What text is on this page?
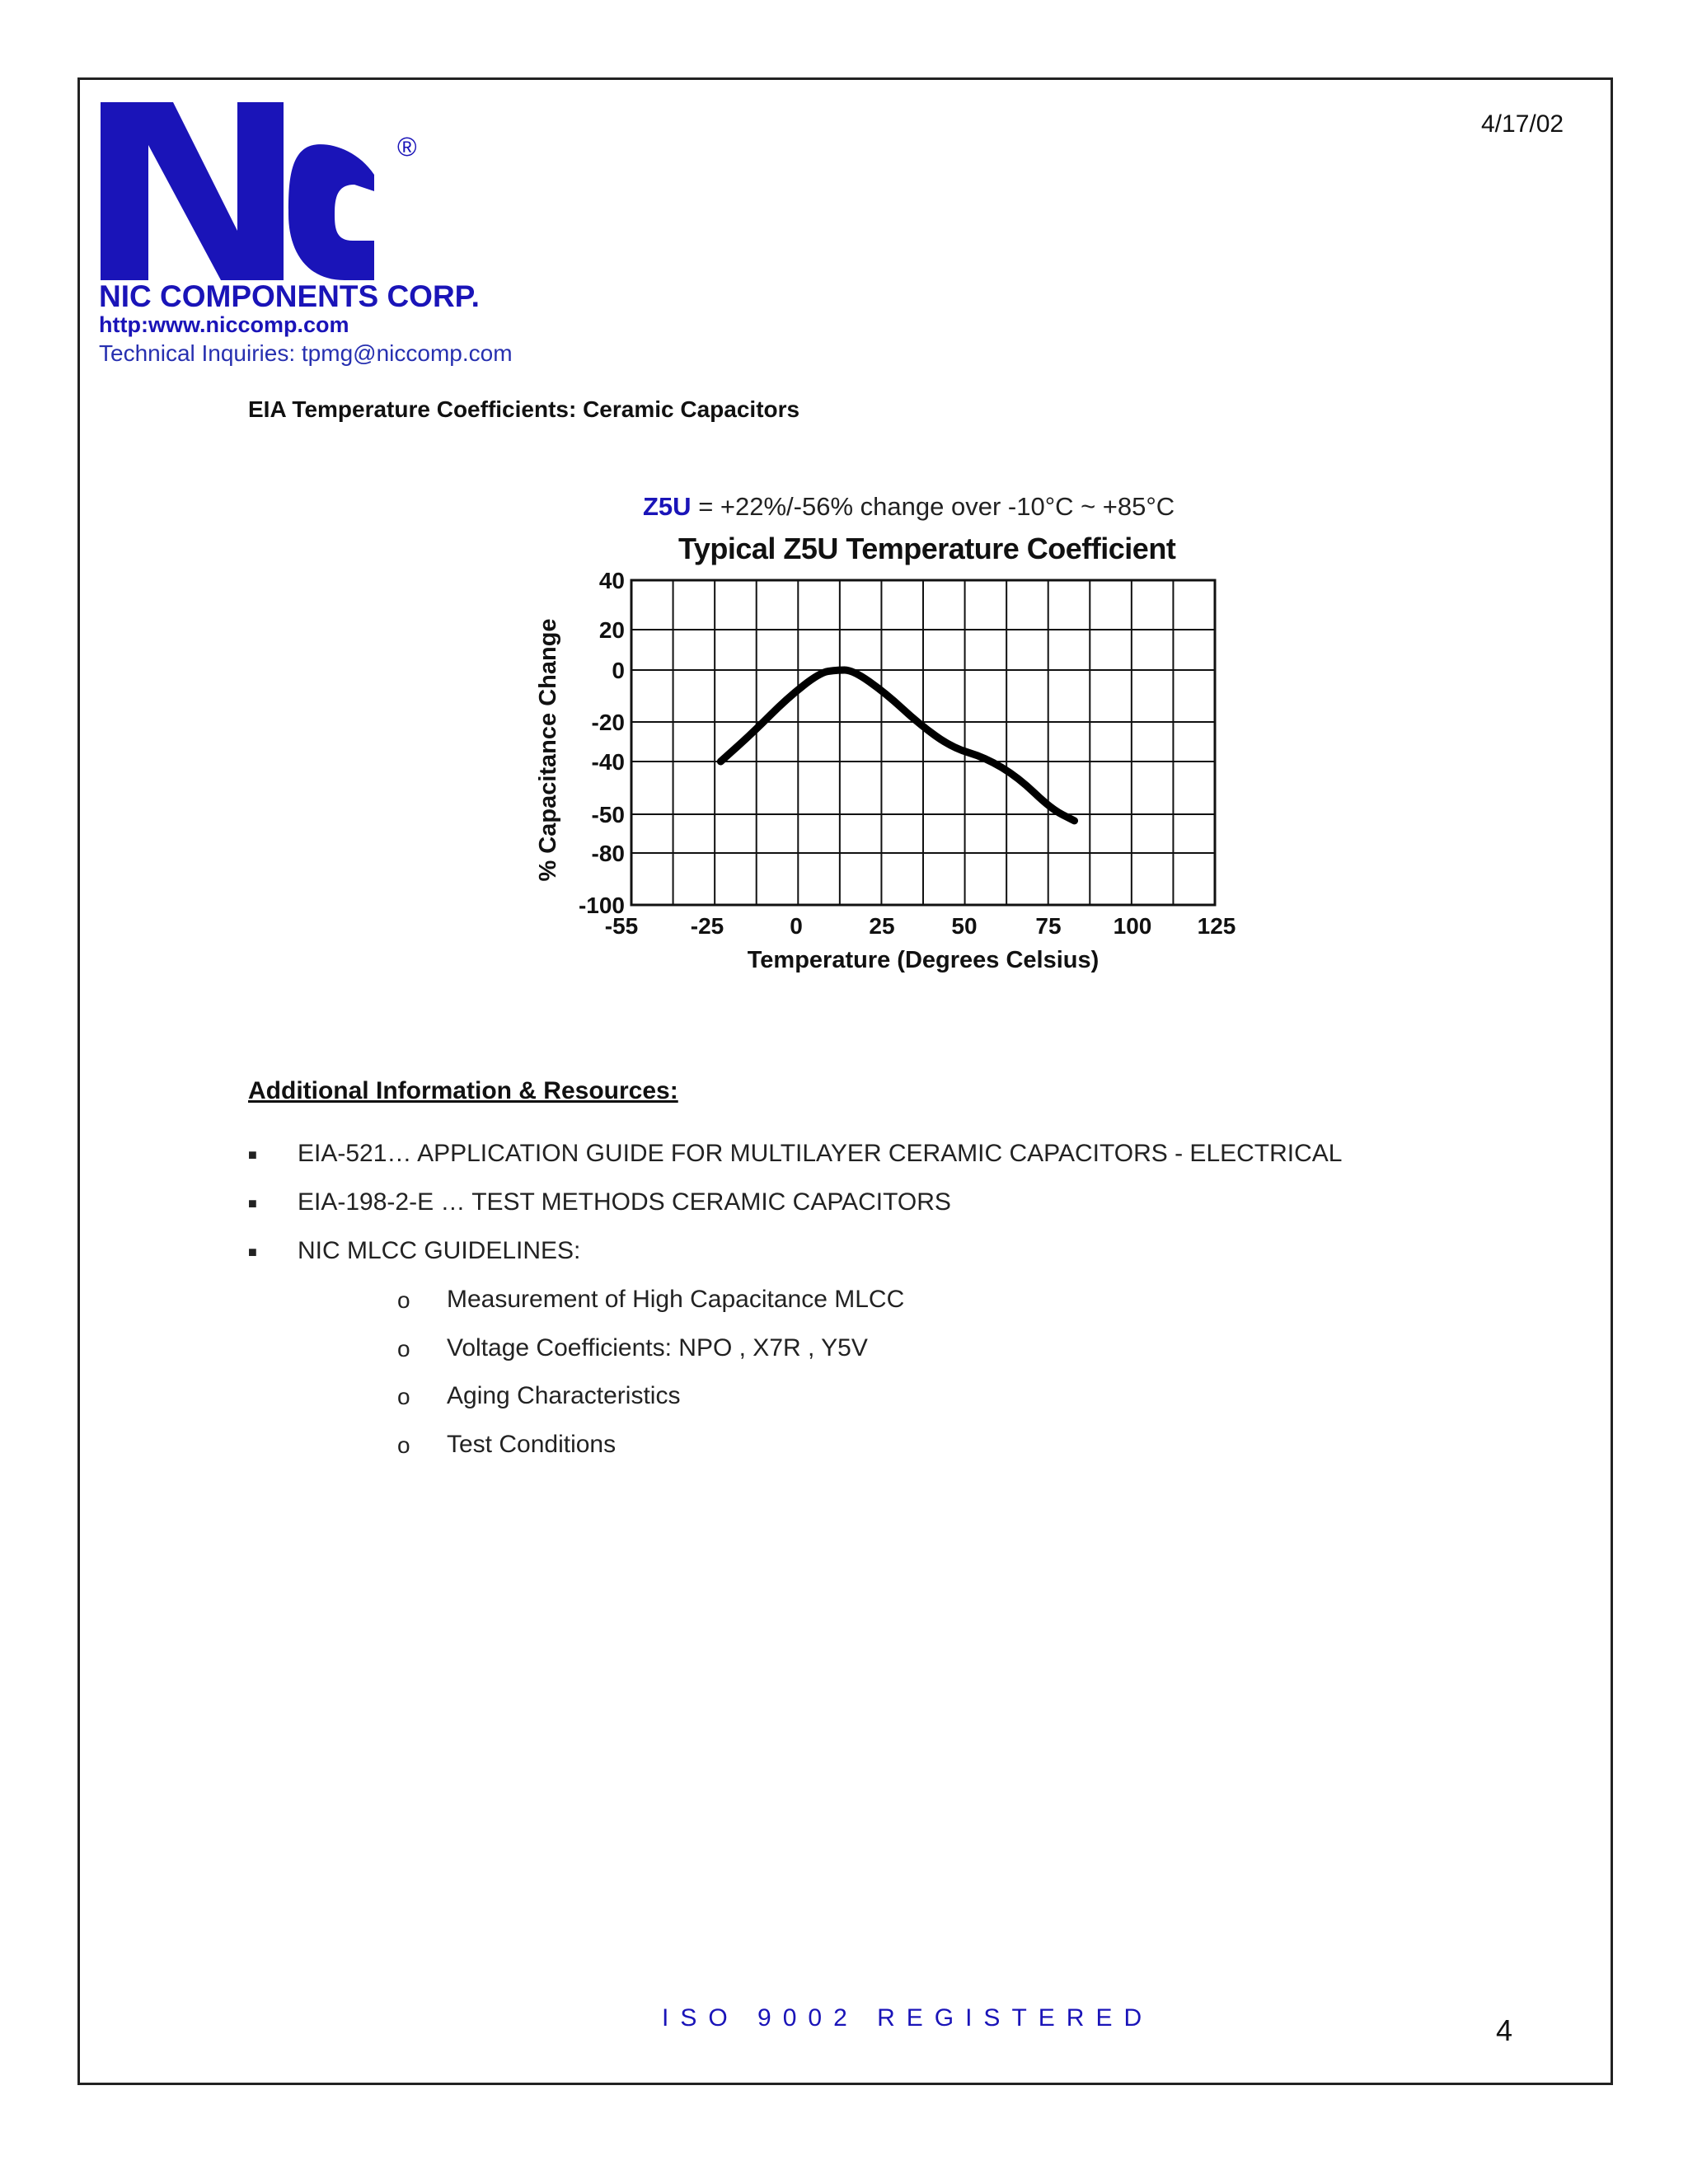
4/17/02
®
NIC COMPONENTS CORP.
http:www.niccomp.com
Technical Inquiries: tpmg@niccomp.com
EIA Temperature Coefficients: Ceramic Capacitors
Z5U = +22%/-56% change over -10°C ~ +85°C
Typical Z5U Temperature Coefficient
40
20
0
-20
-40
-50
-80
-100
-55 -25	0	25 50	75 100 125
Temperature (Degrees Celsius)
% Capacitance Change
Additional Information & Resources:
■ EIA-521… APPLICATION GUIDE FOR MULTILAYER CERAMIC CAPACITORS - ELECTRICAL
■ EIA-198-2-E … TEST METHODS CERAMIC CAPACITORS
■ NIC MLCC GUIDELINES:
o Measurement of High Capacitance MLCC
o Voltage Coefficients: NPO , X7R , Y5V
o Aging Characteristics
o Test Conditions
ISO 9002 REGISTERED	4
